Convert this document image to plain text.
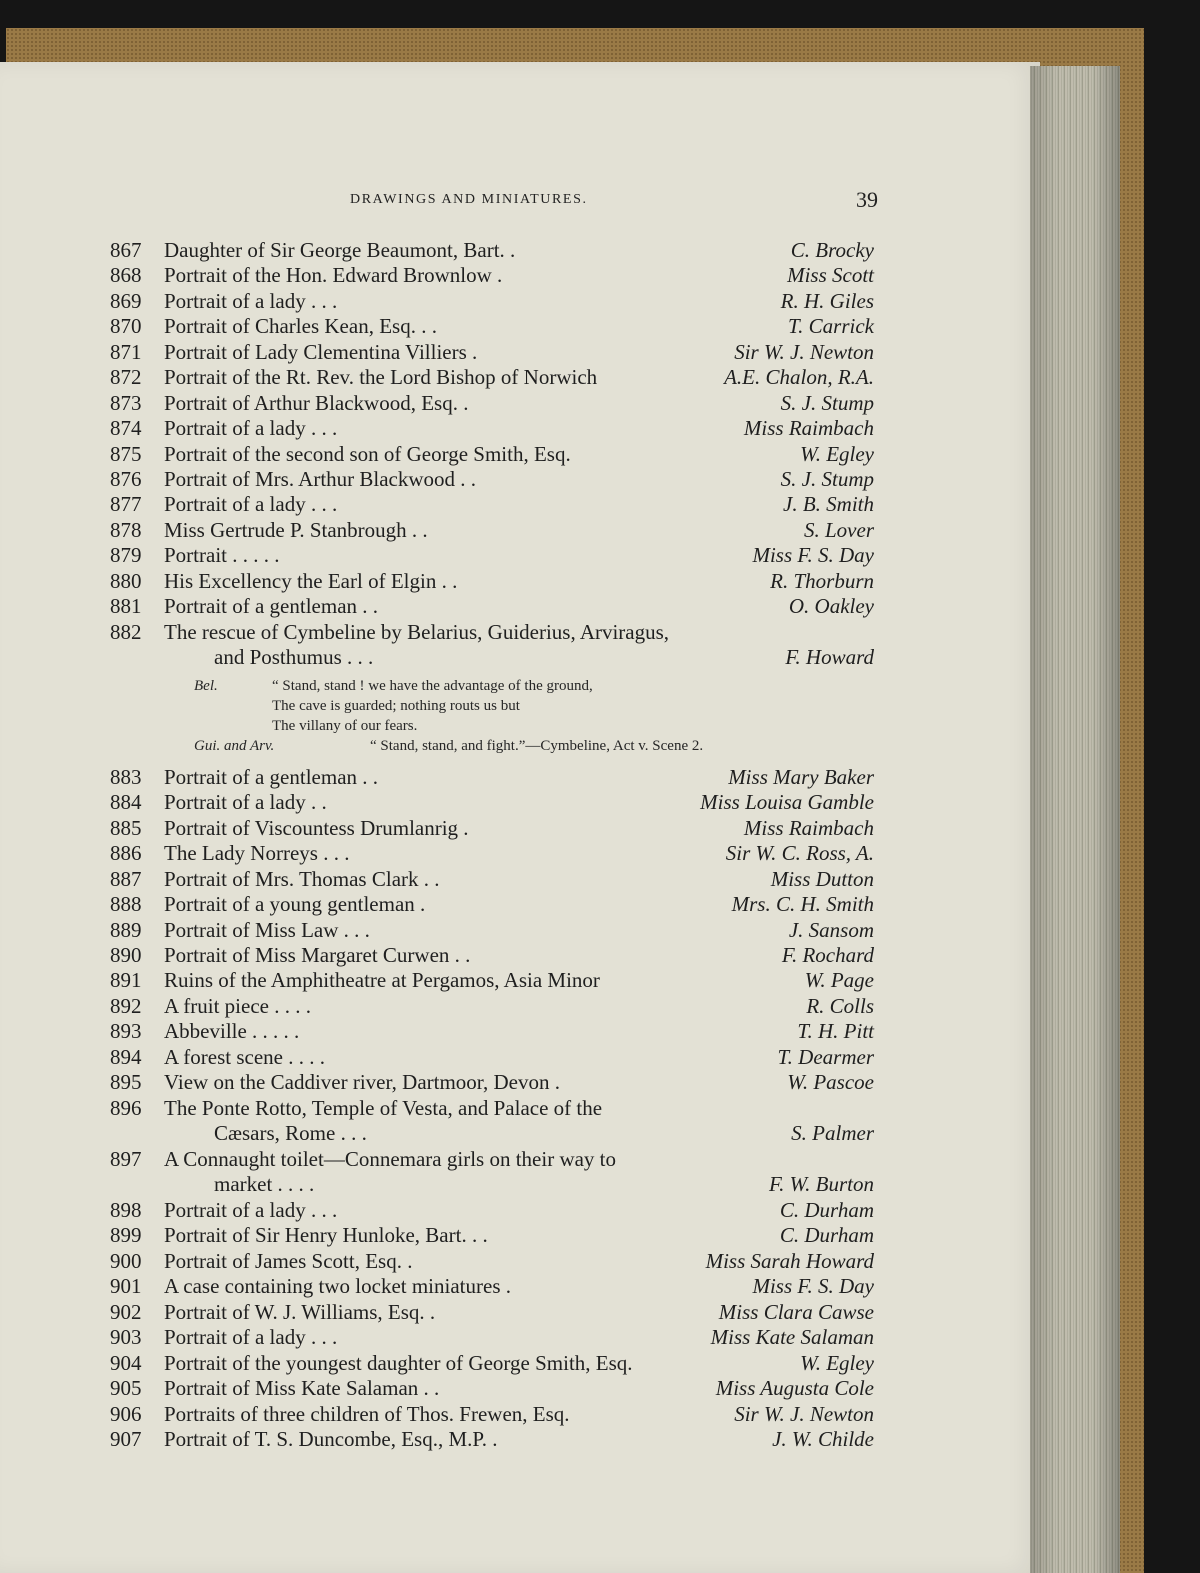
DRAWINGS AND MINIATURES.	39
867	Daughter of Sir George Beaumont, Bart. .	C. Brocky
868	Portrait of the Hon. Edward Brownlow .	Miss Scott
869	Portrait of a lady . . .	R. H. Giles
870	Portrait of Charles Kean, Esq. . .	T. Carrick
871	Portrait of Lady Clementina Villiers .	Sir W. J. Newton
872	Portrait of the Rt. Rev. the Lord Bishop of Norwich	A.E. Chalon, R.A.
873	Portrait of Arthur Blackwood, Esq. .	S. J. Stump
874	Portrait of a lady . . .	Miss Raimbach
875	Portrait of the second son of George Smith, Esq.	W. Egley
876	Portrait of Mrs. Arthur Blackwood . .	S. J. Stump
877	Portrait of a lady . . .	J. B. Smith
878	Miss Gertrude P. Stanbrough . .	S. Lover
879	Portrait . . . . .	Miss F. S. Day
880	His Excellency the Earl of Elgin . .	R. Thorburn
881	Portrait of a gentleman . .	O. Oakley
882	The rescue of Cymbeline by Belarius, Guiderius, Arviragus,
and Posthumus . . .	F. Howard
Bel.	“ Stand, stand ! we have the advantage of the ground,
The cave is guarded; nothing routs us but
The villany of our fears.
Gui. and Arv.	“ Stand, stand, and fight.”—Cymbeline, Act v. Scene 2.
883	Portrait of a gentleman . .	Miss Mary Baker
884	Portrait of a lady . .	Miss Louisa Gamble
885	Portrait of Viscountess Drumlanrig .	Miss Raimbach
886	The Lady Norreys . . .	Sir W. C. Ross, A.
887	Portrait of Mrs. Thomas Clark . .	Miss Dutton
888	Portrait of a young gentleman .	Mrs. C. H. Smith
889	Portrait of Miss Law . . .	J. Sansom
890	Portrait of Miss Margaret Curwen . .	F. Rochard
891	Ruins of the Amphitheatre at Pergamos, Asia Minor	W. Page
892	A fruit piece . . . .	R. Colls
893	Abbeville . . . . .	T. H. Pitt
894	A forest scene . . . .	T. Dearmer
895	View on the Caddiver river, Dartmoor, Devon .	W. Pascoe
896	The Ponte Rotto, Temple of Vesta, and Palace of the
Cæsars, Rome . . .	S. Palmer
897	A Connaught toilet—Connemara girls on their way to
market . . . .	F. W. Burton
898	Portrait of a lady . . .	C. Durham
899	Portrait of Sir Henry Hunloke, Bart. . .	C. Durham
900	Portrait of James Scott, Esq. .	Miss Sarah Howard
901	A case containing two locket miniatures .	Miss F. S. Day
902	Portrait of W. J. Williams, Esq. .	Miss Clara Cawse
903	Portrait of a lady . . .	Miss Kate Salaman
904	Portrait of the youngest daughter of George Smith, Esq.	W. Egley
905	Portrait of Miss Kate Salaman . .	Miss Augusta Cole
906	Portraits of three children of Thos. Frewen, Esq.	Sir W. J. Newton
907	Portrait of T. S. Duncombe, Esq., M.P. .	J. W. Childe
